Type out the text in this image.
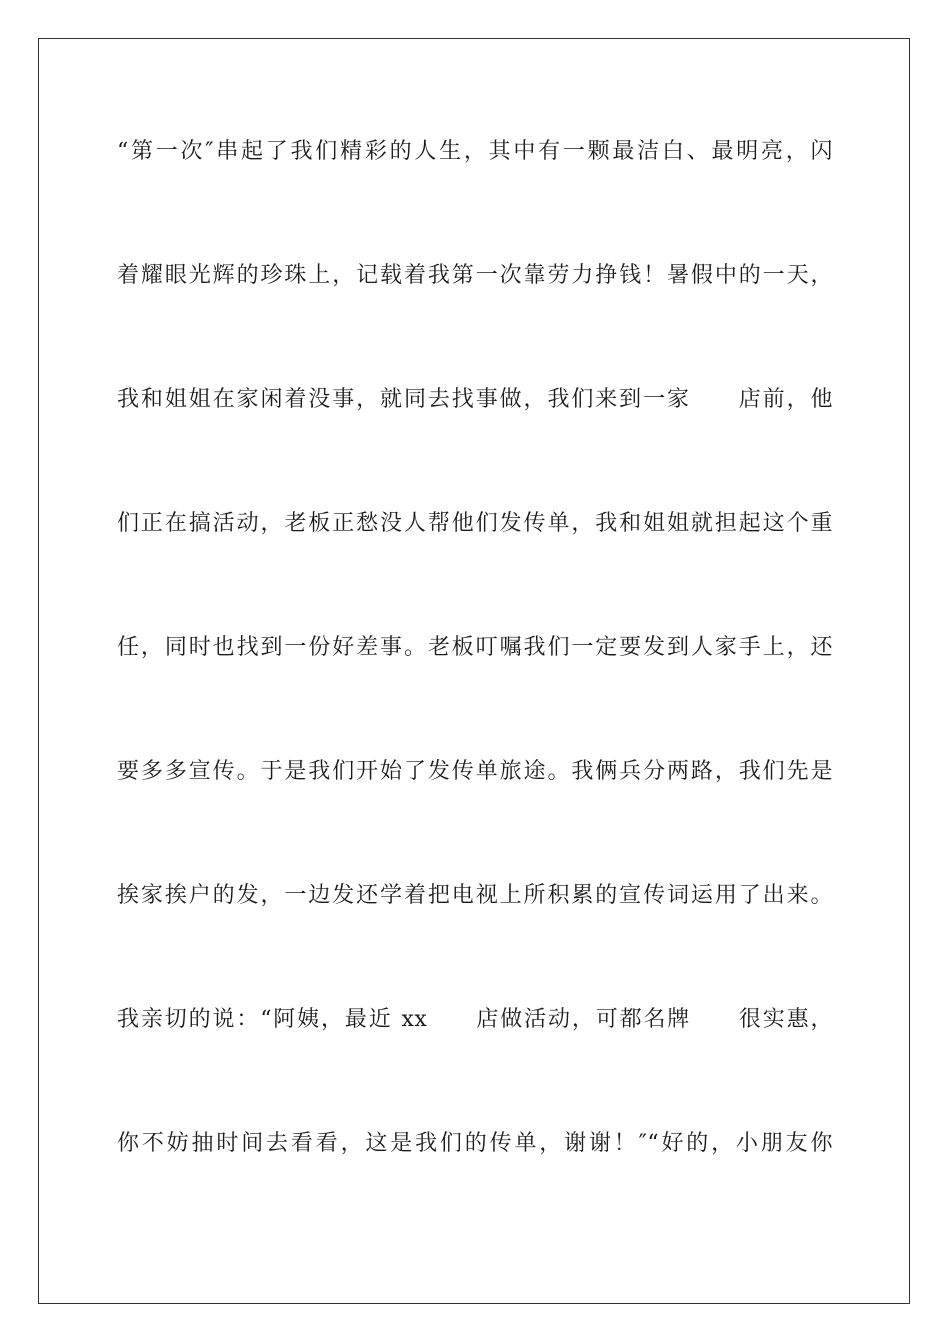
“第一次″串起了我们精彩的人生，其中有一颗最洁白、最明亮，闪
着耀眼光辉的珍珠上，记载着我第一次靠劳力挣钱！暑假中的一天，
我和姐姐在家闲着没事，就同去找事做，我们来到一家　　店前，他
们正在搞活动，老板正愁没人帮他们发传单，我和姐姐就担起这个重
任，同时也找到一份好差事。老板叮嘱我们一定要发到人家手上，还
要多多宣传。于是我们开始了发传单旅途。我俩兵分两路，我们先是
挨家挨户的发，一边发还学着把电视上所积累的宣传词运用了出来。
我亲切的说：“阿姨，最近 xx　　店做活动，可都名牌　　很实惠，
你不妨抽时间去看看，这是我们的传单，谢谢！″“好的，小朋友你
